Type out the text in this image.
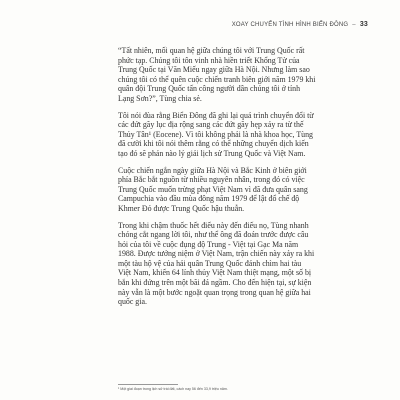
XOAY CHUYỂN TÌNH HÌNH BIỂN ĐÔNG – 33

“Tất nhiên, mối quan hệ giữa chúng tôi với Trung Quốc rất phức tạp. Chúng tôi tôn vinh nhà hiền triết Khổng Tử của Trung Quốc tại Văn Miếu ngay giữa Hà Nội. Nhưng làm sao chúng tôi có thể quên cuộc chiến tranh biên giới năm 1979 khi quân đội Trung Quốc tấn công người dân chúng tôi ở tỉnh Lạng Sơn?”, Tùng chia sẻ.

Tôi nói đùa rằng Biển Đông đã ghi lại quá trình chuyển đổi từ các đứt gãy lục địa rộng sang các đứt gãy hẹp xảy ra từ thế Thủy Tân¹ (Eocene). Vì tôi không phải là nhà khoa học, Tùng đã cười khi tôi nói thêm rằng có thể những chuyển dịch kiến tạo đó sẽ phản nào lý giải lịch sử Trung Quốc và Việt Nam.

Cuộc chiến ngắn ngày giữa Hà Nội và Bắc Kinh ở biên giới phía Bắc bắt nguồn từ nhiều nguyên nhân, trong đó có việc Trung Quốc muốn trừng phạt Việt Nam vì đã đưa quân sang Campuchia vào đầu mùa đông năm 1979 để lật đổ chế độ Khmer Đỏ được Trung Quốc hậu thuẫn.

Trong khi chậm thuốc hết điếu này đến điếu nọ, Tùng nhanh chóng cắt ngang lời tôi, như thể ông đã đoán trước được câu hỏi của tôi về cuộc đụng độ Trung - Việt tại Gạc Ma năm 1988. Được tưởng niệm ở Việt Nam, trận chiến này xảy ra khi một tàu hộ vệ của hải quân Trung Quốc đánh chìm hai tàu Việt Nam, khiến 64 lính thủy Việt Nam thiệt mạng, một số bị bắn khi đứng trên một bãi đá ngầm. Cho đến hiện tại, sự kiện này vẫn là một bước ngoặt quan trọng trong quan hệ giữa hai quốc gia.

¹ Một giai đoạn trong lịch sử trái đất, cách nay 56 đến 33,9 triệu năm.
